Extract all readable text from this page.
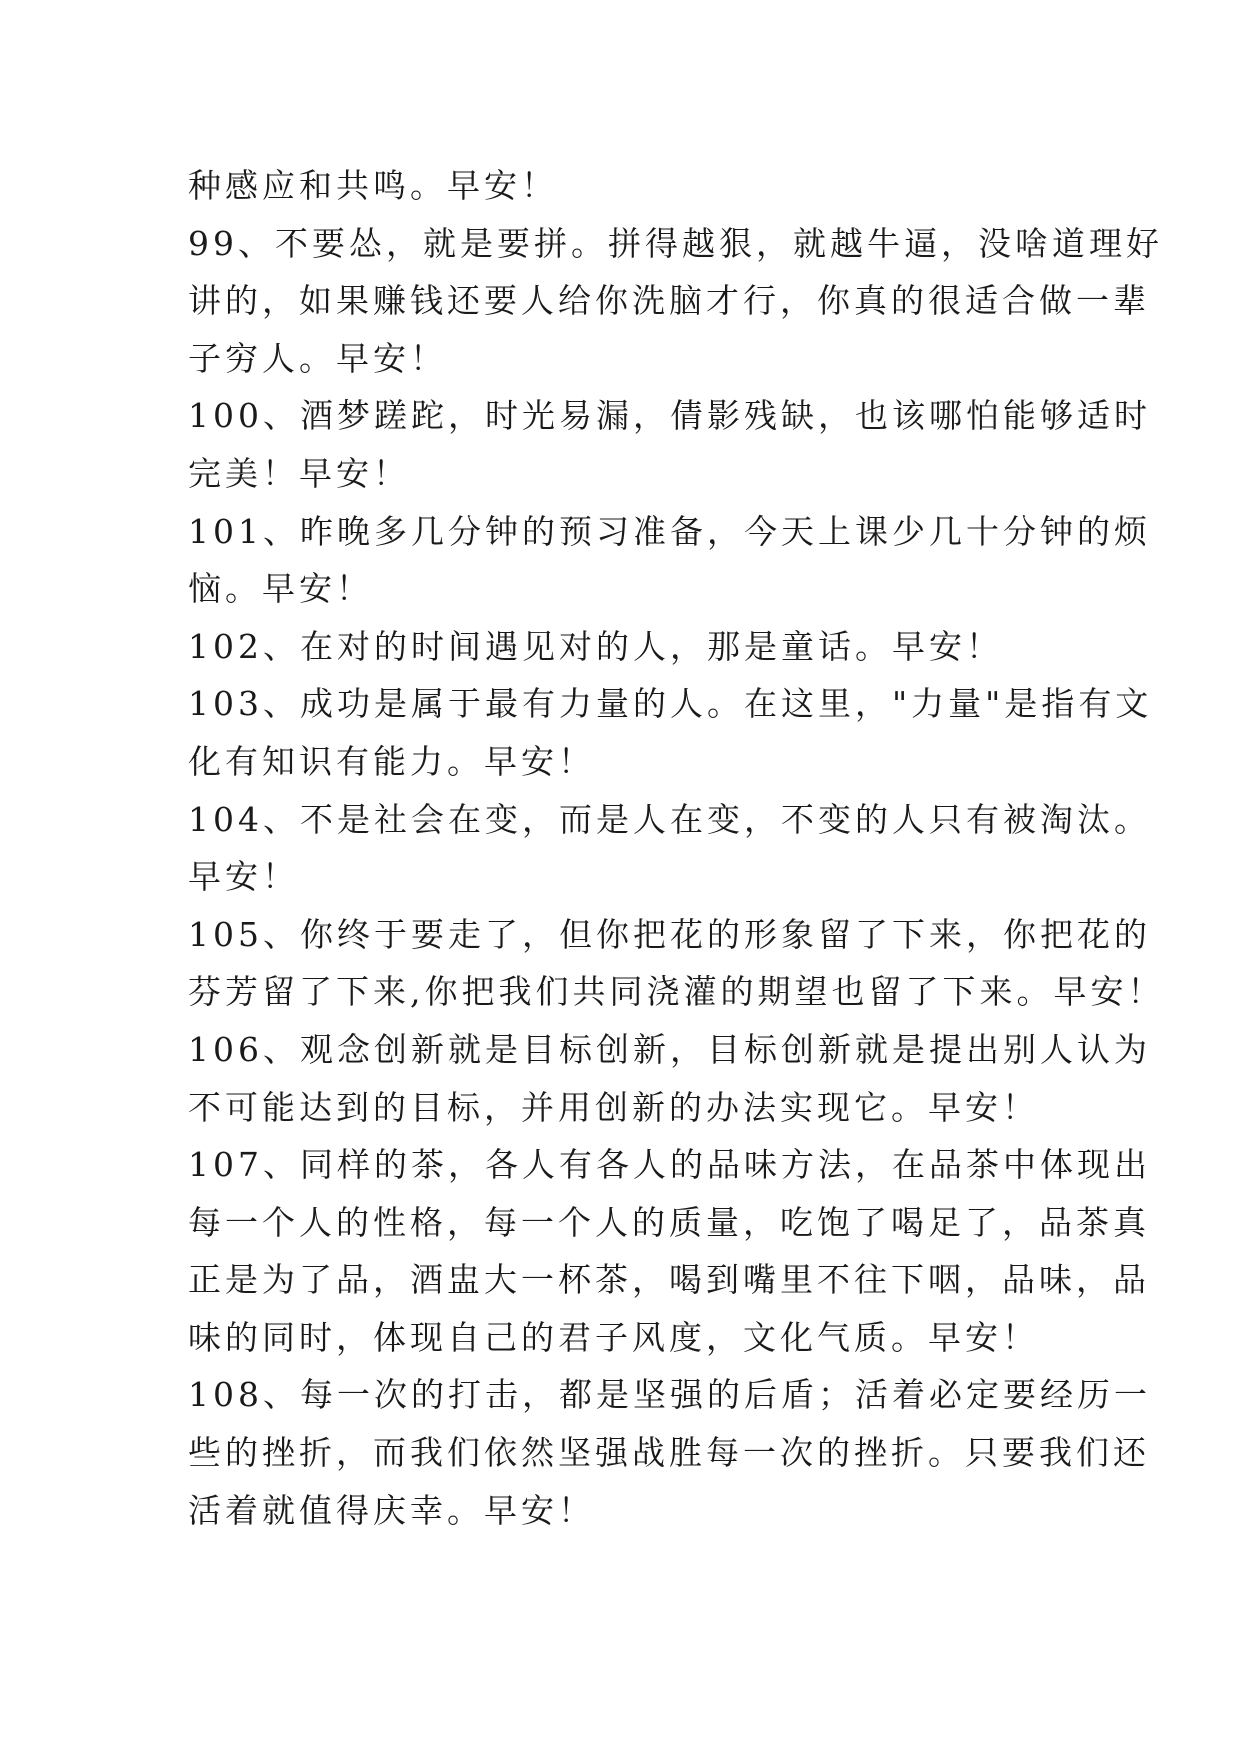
种感应和共鸣。早安！
99、不要怂，就是要拼。拼得越狠，就越牛逼，没啥道理好
讲的，如果赚钱还要人给你洗脑才行，你真的很适合做一辈
子穷人。早安！
100、酒梦蹉跎，时光易漏，倩影残缺，也该哪怕能够适时
完美！早安！
101、昨晚多几分钟的预习准备，今天上课少几十分钟的烦
恼。早安！
102、在对的时间遇见对的人，那是童话。早安！
103、成功是属于最有力量的人。在这里，"力量"是指有文
化有知识有能力。早安！
104、不是社会在变，而是人在变，不变的人只有被淘汰。
早安！
105、你终于要走了，但你把花的形象留了下来，你把花的
芬芳留了下来,你把我们共同浇灌的期望也留了下来。早安！
106、观念创新就是目标创新，目标创新就是提出别人认为
不可能达到的目标，并用创新的办法实现它。早安！
107、同样的茶，各人有各人的品味方法，在品茶中体现出
每一个人的性格，每一个人的质量，吃饱了喝足了，品茶真
正是为了品，酒盅大一杯茶，喝到嘴里不往下咽，品味，品
味的同时，体现自己的君子风度，文化气质。早安！
108、每一次的打击，都是坚强的后盾；活着必定要经历一
些的挫折，而我们依然坚强战胜每一次的挫折。只要我们还
活着就值得庆幸。早安！
